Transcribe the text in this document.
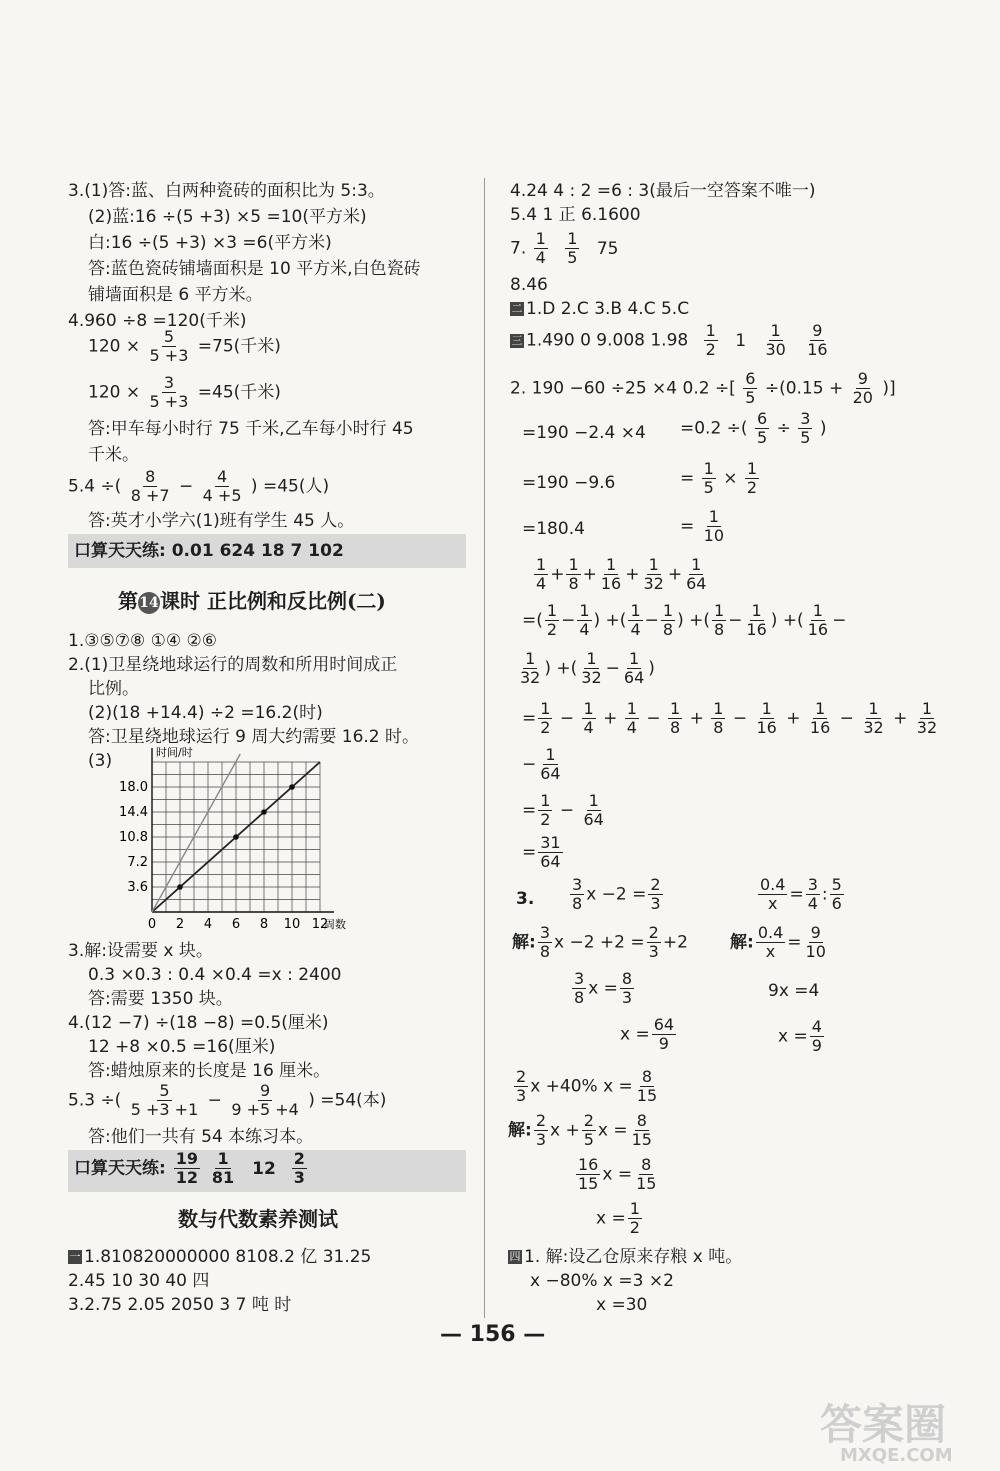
3.(1)答:蓝、白两种瓷砖的面积比为 5:3。
(2)蓝:16 ÷(5 +3) ×5 =10(平方米)
白:16 ÷(5 +3) ×3 =6(平方米)
答:蓝色瓷砖铺墙面积是 10 平方米,白色瓷砖
铺墙面积是 6 平方米。
4.960 ÷8 =120(千米)
$120 \times \frac{5}{5 +3} =75$(千米)
$120 \times \frac{3}{5 +3} =45$(千米)
答:甲车每小时行 75 千米,乙车每小时行 45
千米。
5.4 ÷( $\frac{8}{8 +7} - \frac{4}{4 +5}$ ) =45(人)
答:英才小学六(1)班有学生 45 人。
口算天天练: 0.01 624 18 7 102
第14课时 正比例和反比例(二)
1.③⑤⑦⑧ ①④ ②⑥
2.(1)卫星绕地球运行的周数和所用时间成正
比例。
(2)(18 +14.4) ÷2 =16.2(时)
答:卫星绕地球运行 9 周大约需要 16.2 时。
(3)
0 2 4 6 8 10 12
3.6
7.2
10.8
14.4
18.0
时间/时
周数
3.解:设需要 x 块。
0.3 ×0.3 : 0.4 ×0.4 =x : 2400
答:需要 1350 块。
4.(12 −7) ÷(18 −8) =0.5(厘米)
12 +8 ×0.5 =16(厘米)
答:蜡烛原来的长度是 16 厘米。
5.3 ÷( $\frac{5}{5 +3 +1} - \frac{9}{9 +5 +4}$ ) =54(本)
答:他们一共有 54 本练习本。
口算天天练: $\frac{19}{12}$
$\frac{1}{81} 12 \frac{2}{3}$
数与代数素养测试
一 1.810820000000 8108.2 亿 31.25
2.45 10 30 40 四
3.2.75 2.05 2050 3 7 吨 时
4.24 4 : 2 =6 : 3(最后一空答案不唯一)
5.4 1 正 6.1600
7. $\frac{1}{4}$
$\frac{1}{5} 75$
8.46
二 1.D 2.C 3.B 4.C 5.C
三 1.490 0 9.008 $1.98 \frac{1}{2} 1 \frac{1}{30}$
$\frac{9}{16}$
2. 190 −60 ÷25 ×4 0.2 ÷[ $\frac{6}{5} \div(0.15 + \frac{9}{20}$ )]
=190 −2.4 ×4 =0.2 ÷( $\frac{6}{5} \div \frac{3}{5}$ )
=190 −9.6	= $\frac{1}{5} \times \frac{1}{2}$
=180.4	= $\frac{1}{10}$
$\frac{1}{4} + \frac{1}{8} + \frac{1}{16} + \frac{1}{32} + \frac{1}{64}$
=( $\frac{1}{2} - \frac{1}{4}$ ) +( $\frac{1}{4} - \frac{1}{8}$ ) +( $\frac{1}{8} - \frac{1}{16}$ ) +( $\frac{1}{16}$ −
$\frac{1}{32}$ ) +( $\frac{1}{32} - \frac{1}{64}$ )
= $\frac{1}{2} - \frac{1}{4} + \frac{1}{4} - \frac{1}{8} + \frac{1}{8} - \frac{1}{16} + \frac{1}{16} - \frac{1}{32} + \frac{1}{32}$
− $\frac{1}{64}$
= $\frac{1}{2} - \frac{1}{64}$
= $\frac{31}{64}$
3. $\frac{3}{8}$ $x -2 = \frac{2}{3}$	$\frac{0.4}{x} = \frac{3}{4}$ : $\frac{5}{6}$
解: $\frac{3}{8}$ $x -2 +2 = \frac{2}{3} +2$ 解: $\frac{0.4}{x} = \frac{9}{10}$
$\frac{3}{8}$ $x = \frac{8}{3}$	9x =4
$x = \frac{64}{9}$	$x = \frac{4}{9}$
$\frac{2}{3}$ x +40% $x = \frac{8}{15}$
解: $\frac{2}{3}$ $x + \frac{2}{5}$ $x = \frac{8}{15}$
$\frac{16}{15}$ $x = \frac{8}{15}$
$x = \frac{1}{2}$
四 1. 解:设乙仓原来存粮 x 吨。
x −80% x =3 ×2
x =30
— 156 —
答案圈
MXQE.COM
